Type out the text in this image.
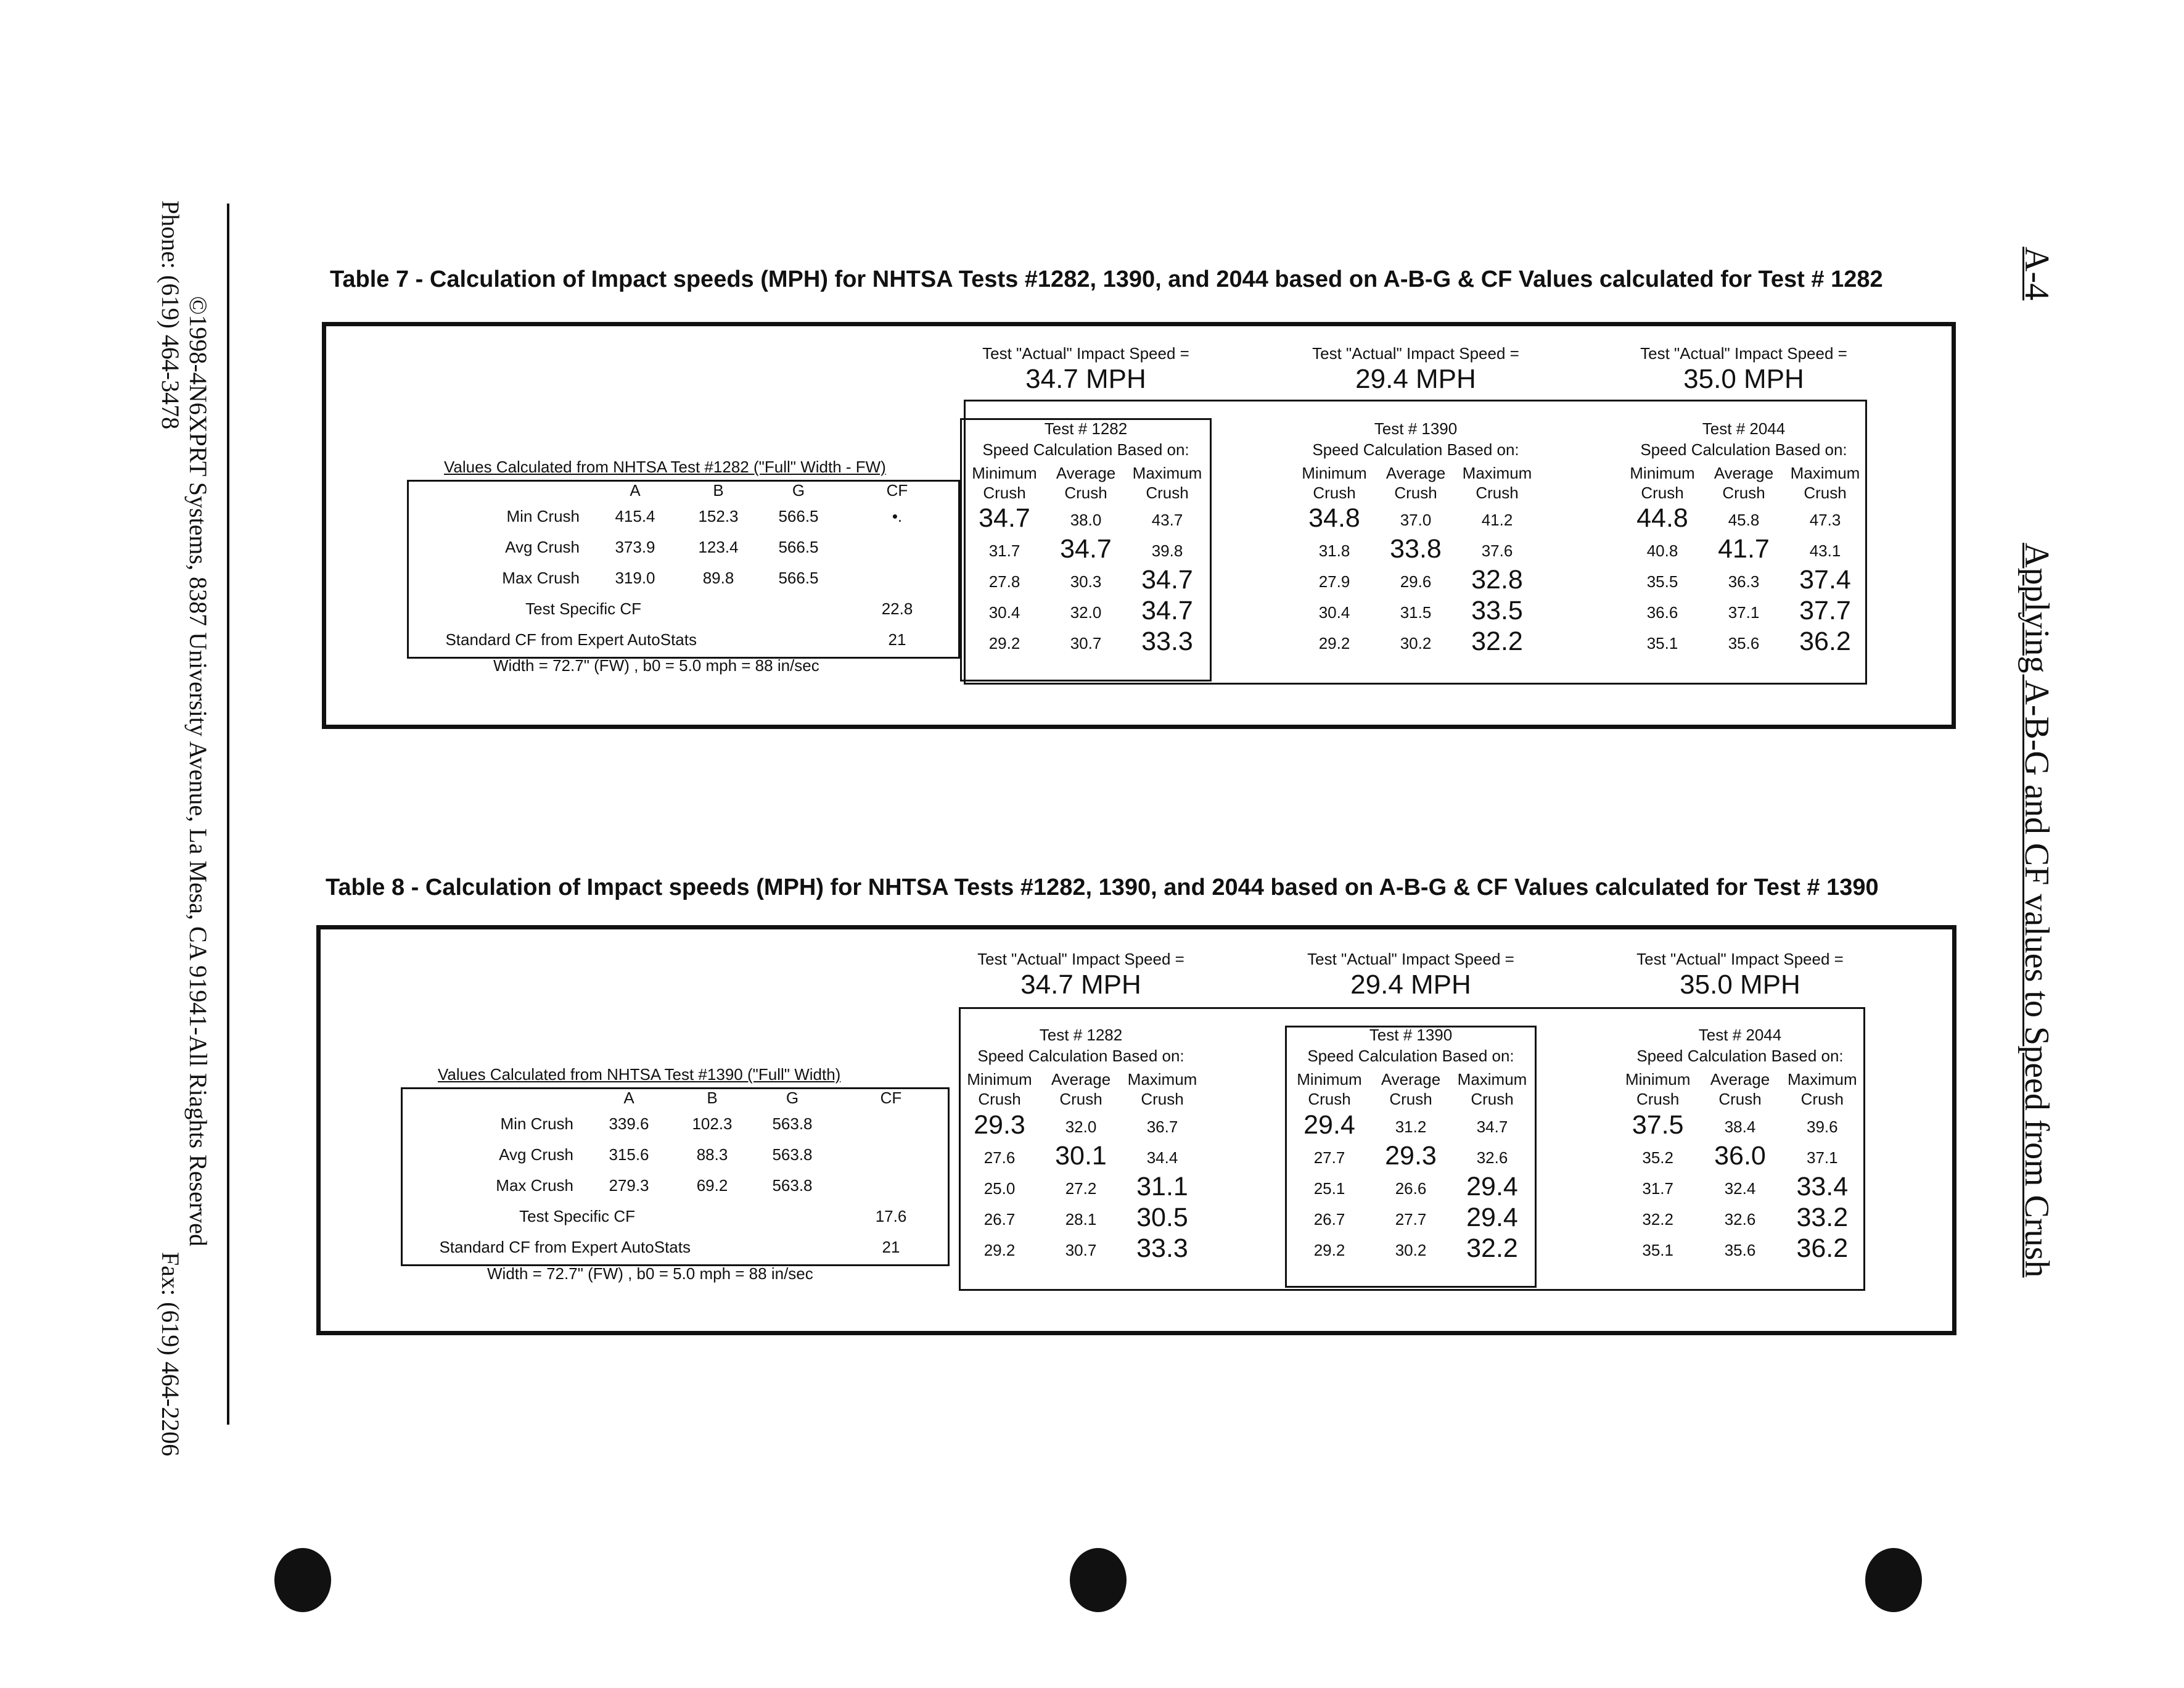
©1998-4N6XPRT Systems, 8387 University Avenue, La Mesa, CA 91941-All Riaghts Reserved
Phone: (619) 464-3478
Fax: (619) 464-2206
A-4
Applying A-B-G and CF values to Speed from Crush
Table 7 - Calculation of Impact speeds (MPH) for NHTSA Tests #1282, 1390, and 2044 based on A-B-G & CF Values calculated for Test # 1282
Values Calculated from NHTSA Test #1282 ("Full" Width - FW)
A	B	G	CF
Min Crush	415.4	152.3	566.5	•.
Avg Crush	373.9	123.4	566.5
Max Crush	319.0	89.8	566.5
Test Specific CF	22.8
Standard CF from Expert AutoStats	21
Width = 72.7" (FW) , b0 = 5.0 mph = 88 in/sec
Test "Actual" Impact Speed =
34.7 MPH
Test # 1282
Speed Calculation Based on:
Minimum
Crush
Average
Crush
Maximum
Crush
34.7	38.0	43.7
31.7	34.7	39.8
27.8	30.3	34.7
30.4	32.0	34.7
29.2	30.7	33.3
Test "Actual" Impact Speed =
29.4 MPH
Test # 1390
Speed Calculation Based on:
Minimum
Crush
Average
Crush
Maximum
Crush
34.8	37.0	41.2
31.8	33.8	37.6
27.9	29.6	32.8
30.4	31.5	33.5
29.2	30.2	32.2
Test "Actual" Impact Speed =
35.0 MPH
Test # 2044
Speed Calculation Based on:
Minimum
Crush
Average
Crush
Maximum
Crush
44.8	45.8	47.3
40.8	41.7	43.1
35.5	36.3	37.4
36.6	37.1	37.7
35.1	35.6	36.2
Table 8 - Calculation of Impact speeds (MPH) for NHTSA Tests #1282, 1390, and 2044 based on A-B-G & CF Values calculated for Test # 1390
Values Calculated from NHTSA Test #1390 ("Full" Width)
A	B	G	CF
Min Crush	339.6	102.3	563.8
Avg Crush	315.6	88.3	563.8
Max Crush	279.3	69.2	563.8
Test Specific CF	17.6
Standard CF from Expert AutoStats	21
Width = 72.7" (FW) , b0 = 5.0 mph = 88 in/sec
Test "Actual" Impact Speed =
34.7 MPH
Test # 1282
Speed Calculation Based on:
Minimum
Crush
Average
Crush
Maximum
Crush
29.3	32.0	36.7
27.6	30.1	34.4
25.0	27.2	31.1
26.7	28.1	30.5
29.2	30.7	33.3
Test "Actual" Impact Speed =
29.4 MPH
Test # 1390
Speed Calculation Based on:
Minimum
Crush
Average
Crush
Maximum
Crush
29.4	31.2	34.7
27.7	29.3	32.6
25.1	26.6	29.4
26.7	27.7	29.4
29.2	30.2	32.2
Test "Actual" Impact Speed =
35.0 MPH
Test # 2044
Speed Calculation Based on:
Minimum
Crush
Average
Crush
Maximum
Crush
37.5	38.4	39.6
35.2	36.0	37.1
31.7	32.4	33.4
32.2	32.6	33.2
35.1	35.6	36.2
